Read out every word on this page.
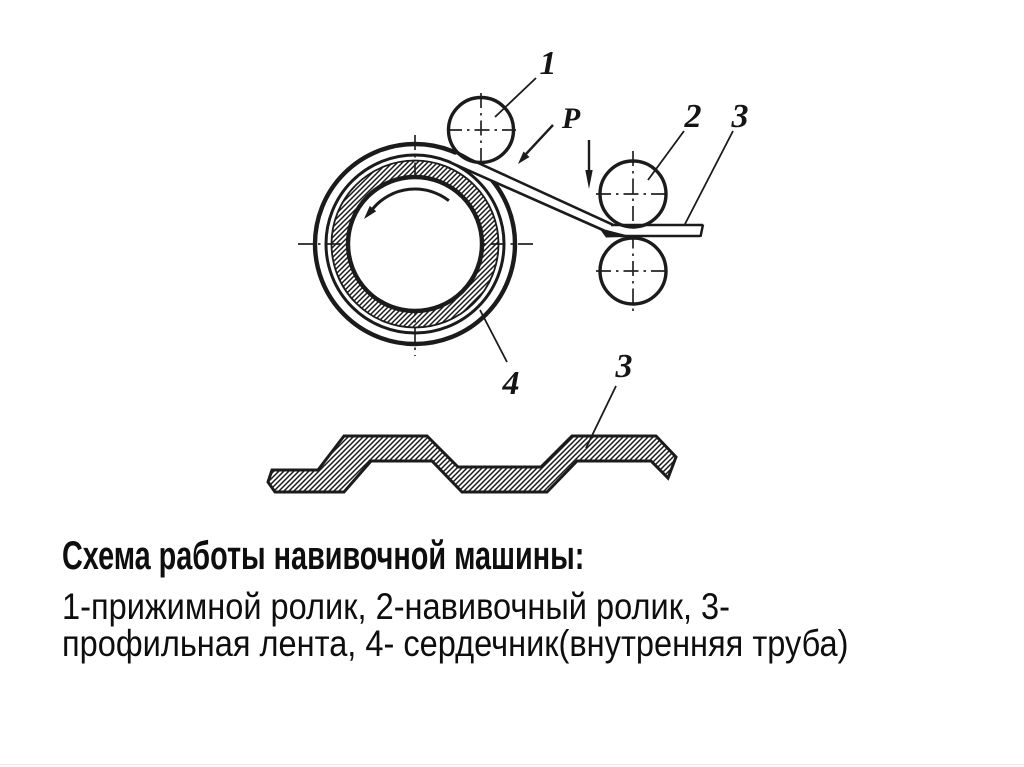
1
P	2 3
4	3
Схема работы навивочной машины:
1-прижимной ролик, 2-навивочный ролик, 3-
профильная лента, 4- сердечник(внутренняя труба)
